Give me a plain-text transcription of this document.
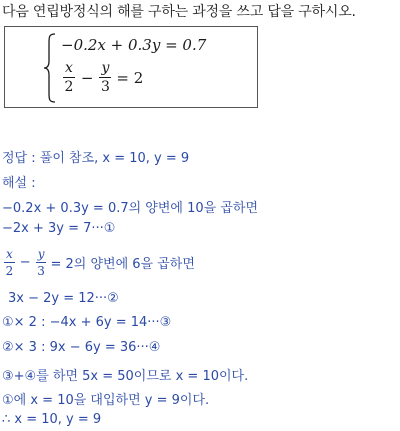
다음 연립방정식의 해를 구하는 과정을 쓰고 답을 구하시오.
−0.2x + 0.3y = 0.7
$\frac{x}{2} - \frac{y}{3} = 2$
정답 : 풀이 참조, x = 10, y = 9
해설 :
−0.2x + 0.3y = 0.7의 양변에 10을 곱하면
−2x + 3y = 7···①
$\frac{x}{2} - \frac{y}{3} = 2$의 양변에 6을 곱하면
3x − 2y = 12···②
①× 2 : −4x + 6y = 14···③
②× 3 : 9x − 6y = 36···④
③+④를 하면 5x = 50이므로 x = 10이다.
①에 x = 10을 대입하면 y = 9이다.
∴ x = 10, y = 9
